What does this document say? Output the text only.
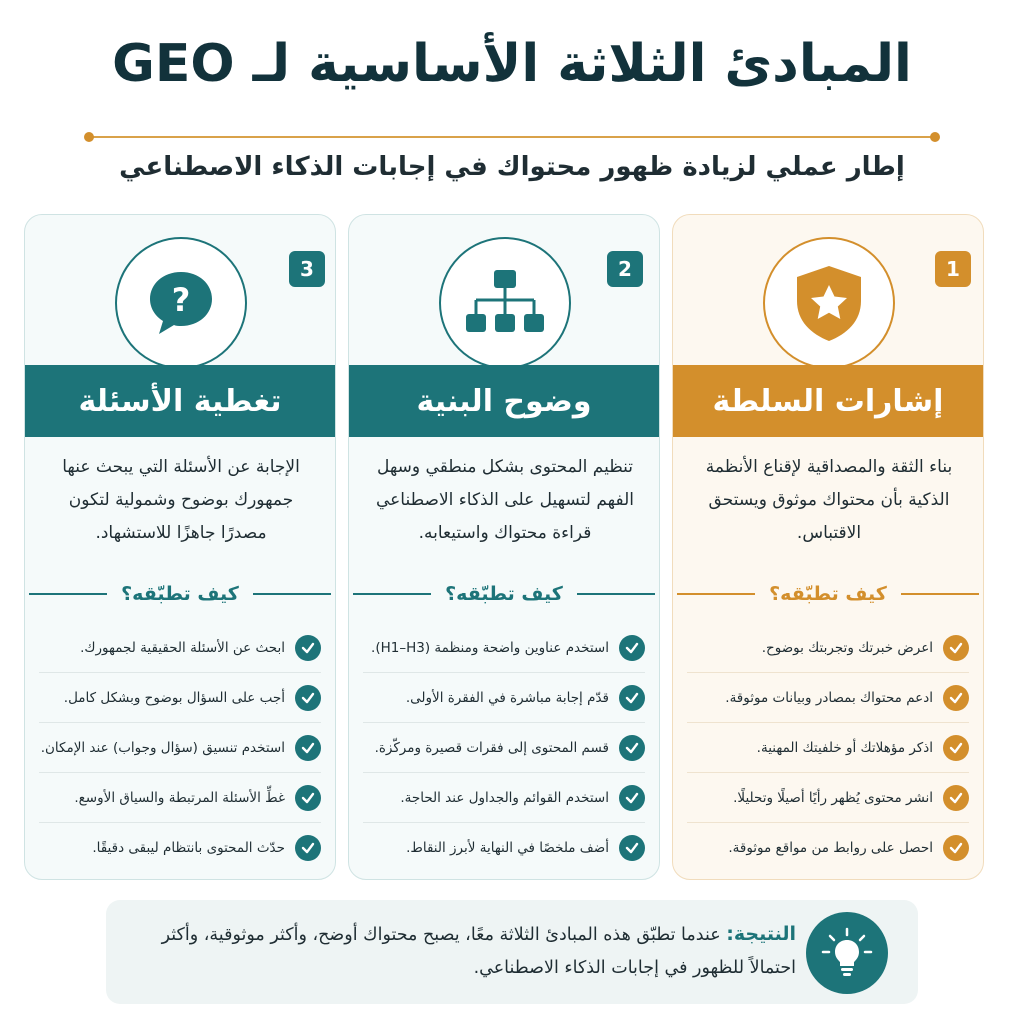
المبادئ الثلاثة الأساسية لـ GEO
إطار عملي لزيادة ظهور محتواك في إجابات الذكاء الاصطناعي
?
3
تغطية الأسئلة
الإجابة عن الأسئلة التي يبحث عنها جمهورك بوضوح وشمولية لتكون مصدرًا جاهزًا للاستشهاد.
كيف تطبّقه؟
ابحث عن الأسئلة الحقيقية لجمهورك.
أجب على السؤال بوضوح وبشكل كامل.
استخدم تنسيق (سؤال وجواب) عند الإمكان.
غطِّ الأسئلة المرتبطة والسياق الأوسع.
حدّث المحتوى بانتظام ليبقى دقيقًا.
2
وضوح البنية
تنظيم المحتوى بشكل منطقي وسهل الفهم لتسهيل على الذكاء الاصطناعي قراءة محتواك واستيعابه.
كيف تطبّقه؟
استخدم عناوين واضحة ومنظمة (H1–H3).
قدّم إجابة مباشرة في الفقرة الأولى.
قسم المحتوى إلى فقرات قصيرة ومركّزة.
استخدم القوائم والجداول عند الحاجة.
أضف ملخصًا في النهاية لأبرز النقاط.
1
إشارات السلطة
بناء الثقة والمصداقية لإقناع الأنظمة الذكية بأن محتواك موثوق ويستحق الاقتباس.
كيف تطبّقه؟
اعرض خبرتك وتجربتك بوضوح.
ادعم محتواك بمصادر وبيانات موثوقة.
اذكر مؤهلاتك أو خلفيتك المهنية.
انشر محتوى يُظهر رأيًا أصيلًا وتحليلًا.
احصل على روابط من مواقع موثوقة.
النتيجة: عندما تطبّق هذه المبادئ الثلاثة معًا، يصبح محتواك أوضح، وأكثر موثوقية، وأكثر احتمالاً للظهور في إجابات الذكاء الاصطناعي.
